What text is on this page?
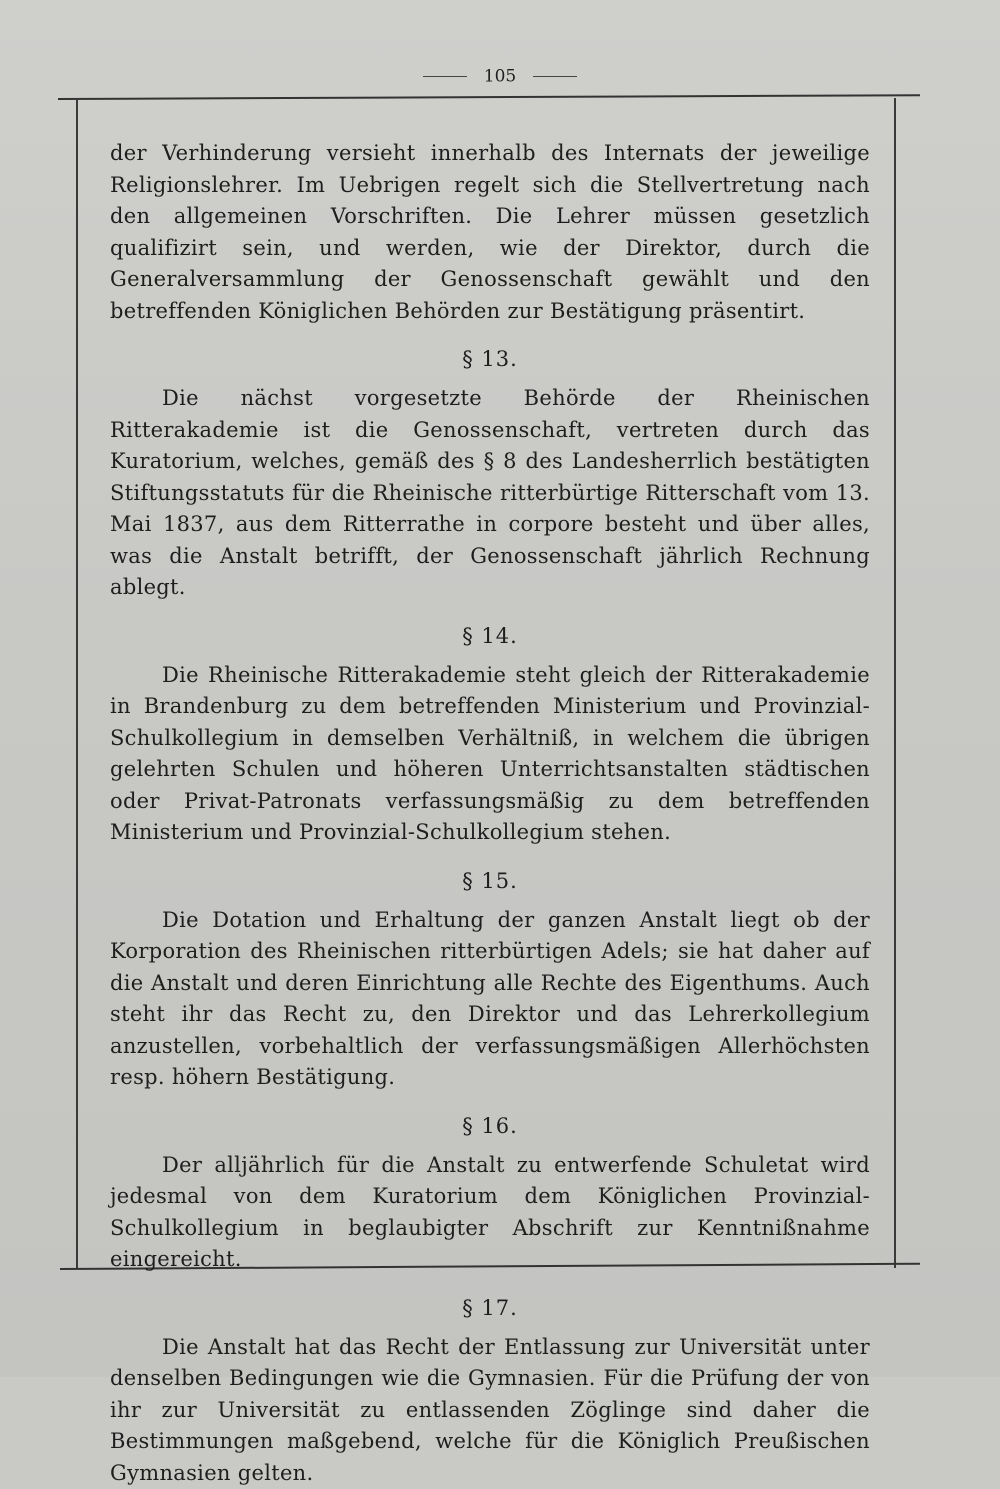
105

der Verhinderung versieht innerhalb des Internats der jeweilige Religionslehrer. Im Uebrigen regelt sich die Stellvertretung nach den allgemeinen Vorschriften. Die Lehrer müssen gesetzlich qualifizirt sein, und werden, wie der Direktor, durch die Generalversammlung der Genossenschaft gewählt und den betreffenden Königlichen Behörden zur Bestätigung präsentirt.

§ 13.

Die nächst vorgesetzte Behörde der Rheinischen Ritterakademie ist die Genossenschaft, vertreten durch das Kuratorium, welches, gemäß des § 8 des Landesherrlich bestätigten Stiftungsstatuts für die Rheinische ritterbürtige Ritterschaft vom 13. Mai 1837, aus dem Ritterrathe in corpore besteht und über alles, was die Anstalt betrifft, der Genossenschaft jährlich Rechnung ablegt.

§ 14.

Die Rheinische Ritterakademie steht gleich der Ritterakademie in Brandenburg zu dem betreffenden Ministerium und Provinzial-Schulkollegium in demselben Verhältniß, in welchem die übrigen gelehrten Schulen und höheren Unterrichtsanstalten städtischen oder Privat-Patronats verfassungsmäßig zu dem betreffenden Ministerium und Provinzial-Schulkollegium stehen.

§ 15.

Die Dotation und Erhaltung der ganzen Anstalt liegt ob der Korporation des Rheinischen ritterbürtigen Adels; sie hat daher auf die Anstalt und deren Einrichtung alle Rechte des Eigenthums. Auch steht ihr das Recht zu, den Direktor und das Lehrerkollegium anzustellen, vorbehaltlich der verfassungsmäßigen Allerhöchsten resp. höhern Bestätigung.

§ 16.

Der alljährlich für die Anstalt zu entwerfende Schuletat wird jedesmal von dem Kuratorium dem Königlichen Provinzial-Schulkollegium in beglaubigter Abschrift zur Kenntnißnahme eingereicht.

§ 17.

Die Anstalt hat das Recht der Entlassung zur Universität unter denselben Bedingungen wie die Gymnasien. Für die Prüfung der von ihr zur Universität zu entlassenden Zöglinge sind daher die Bestimmungen maßgebend, welche für die Königlich Preußischen Gymnasien gelten.
